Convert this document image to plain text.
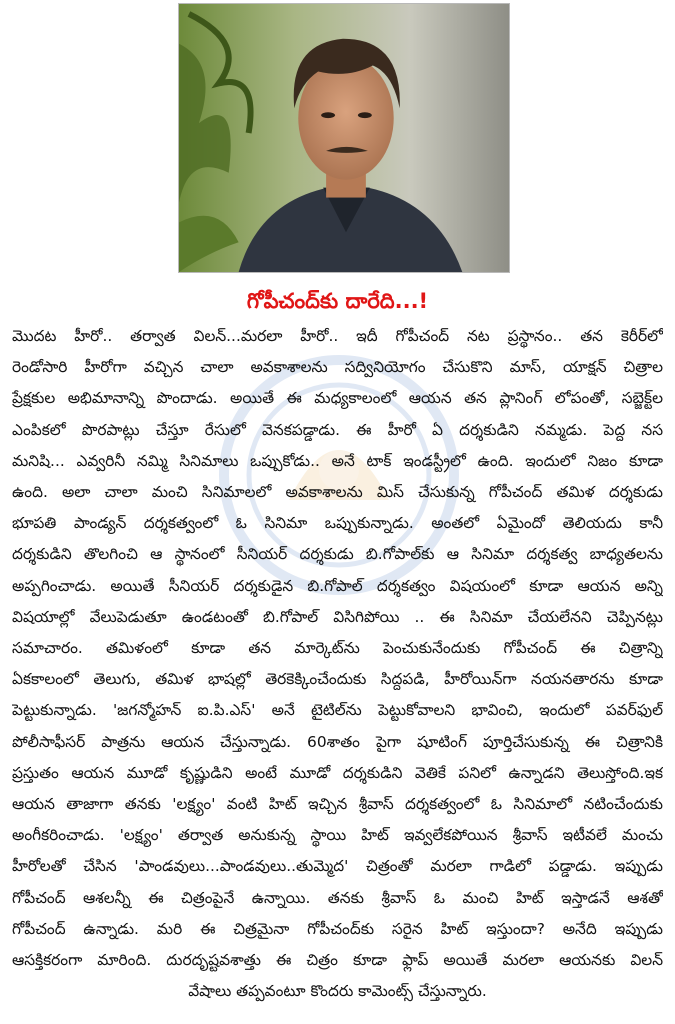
గోపీచంద్‌కు దారేది...!
మొదట హీరో.. తర్వాత విలన్...మరలా హీరో.. ఇదీ గోపీచంద్ నట ప్రస్థానం.. తన కెరీర్‌లో
రెండోసారి హీరోగా వచ్చిన చాలా అవకాశాలను సద్వినియోగం చేసుకొని మాస్, యాక్షన్ చిత్రాల
ప్రేక్షకుల అభిమానాన్ని పొందాడు. అయితే ఈ మధ్యకాలంలో ఆయన తన ప్లానింగ్ లోపంతో, సబ్జెక్ట్‌ల
ఎంపికలో పొరపాట్లు చేస్తూ రేసులో వెనకపడ్డాడు. ఈ హీరో ఏ దర్శకుడిని నమ్మడు. పెద్ద నస
మనిషి... ఎవ్వరినీ నమ్మి సినిమాలు ఒప్పుకోడు.. అనే టాక్ ఇండస్ట్రీలో ఉంది. ఇందులో నిజం కూడా
ఉంది. అలా చాలా మంచి సినిమాలలో అవకాశాలను మిస్ చేసుకున్న గోపీచంద్ తమిళ దర్శకుడు
భూపతి పాండ్యన్ దర్శకత్వంలో ఓ సినిమా ఒప్పుకున్నాడు. అంతలో ఏమైందో తెలియదు కానీ
దర్శకుడిని తొలగించి ఆ స్థానంలో సీనియర్ దర్శకుడు బి.గోపాల్‌కు ఆ సినిమా దర్శకత్వ బాధ్యతలను
అప్పగించాడు. అయితే సీనియర్ దర్శకుడైన బి.గోపాల్ దర్శకత్వం విషయంలో కూడా ఆయన అన్ని
విషయాల్లో వేలుపెడుతూ ఉండటంతో బి.గోపాల్ విసిగిపోయి .. ఈ సినిమా చేయలేనని చెప్పినట్లు
సమాచారం. తమిళంలో కూడా తన మార్కెట్‌ను పెంచుకునేందుకు గోపీచంద్ ఈ చిత్రాన్ని
ఏకకాలంలో తెలుగు, తమిళ భాషల్లో తెరకెక్కించేందుకు సిద్దపడి, హీరోయిన్‌గా నయనతారను కూడా
పెట్టుకున్నాడు. 'జగన్మోహన్ ఐ.పి.ఎస్' అనే టైటిల్‌ను పెట్టుకోవాలని భావించి, ఇందులో పవర్‌ఫుల్
పోలీసాఫీసర్ పాత్రను ఆయన చేస్తున్నాడు. 60శాతం పైగా షూటింగ్ పూర్తిచేసుకున్న ఈ చిత్రానికి
ప్రస్తుతం ఆయన మూడో కృష్ణుడిని అంటే మూడో దర్శకుడిని వెతికే పనిలో ఉన్నాడని తెలుస్తోంది.ఇక
ఆయన తాజాగా తనకు 'లక్ష్యం' వంటి హిట్ ఇచ్చిన శ్రీవాస్ దర్శకత్వంలో ఓ సినిమాలో నటించేందుకు
అంగీకరించాడు. 'లక్ష్యం' తర్వాత అనుకున్న స్థాయి హిట్ ఇవ్వలేకపోయిన శ్రీవాస్ ఇటీవలే మంచు
హీరోలతో చేసిన 'పాండవులు...పాండవులు..తుమ్మెద' చిత్రంతో మరలా గాడిలో పడ్డాడు. ఇప్పుడు
గోపీచంద్ ఆశలన్నీ ఈ చిత్రంపైనే ఉన్నాయి. తనకు శ్రీవాస్ ఓ మంచి హిట్ ఇస్తాడనే ఆశతో
గోపీచంద్ ఉన్నాడు. మరి ఈ చిత్రమైనా గోపీచంద్‌కు సరైన హిట్ ఇస్తుందా? అనేది ఇప్పుడు
ఆసక్తికరంగా మారింది. దురదృష్టవశాత్తు ఈ చిత్రం కూడా ఫ్లాప్ అయితే మరలా ఆయనకు విలన్
వేషాలు తప్పవంటూ కొందరు కామెంట్స్ చేస్తున్నారు.
